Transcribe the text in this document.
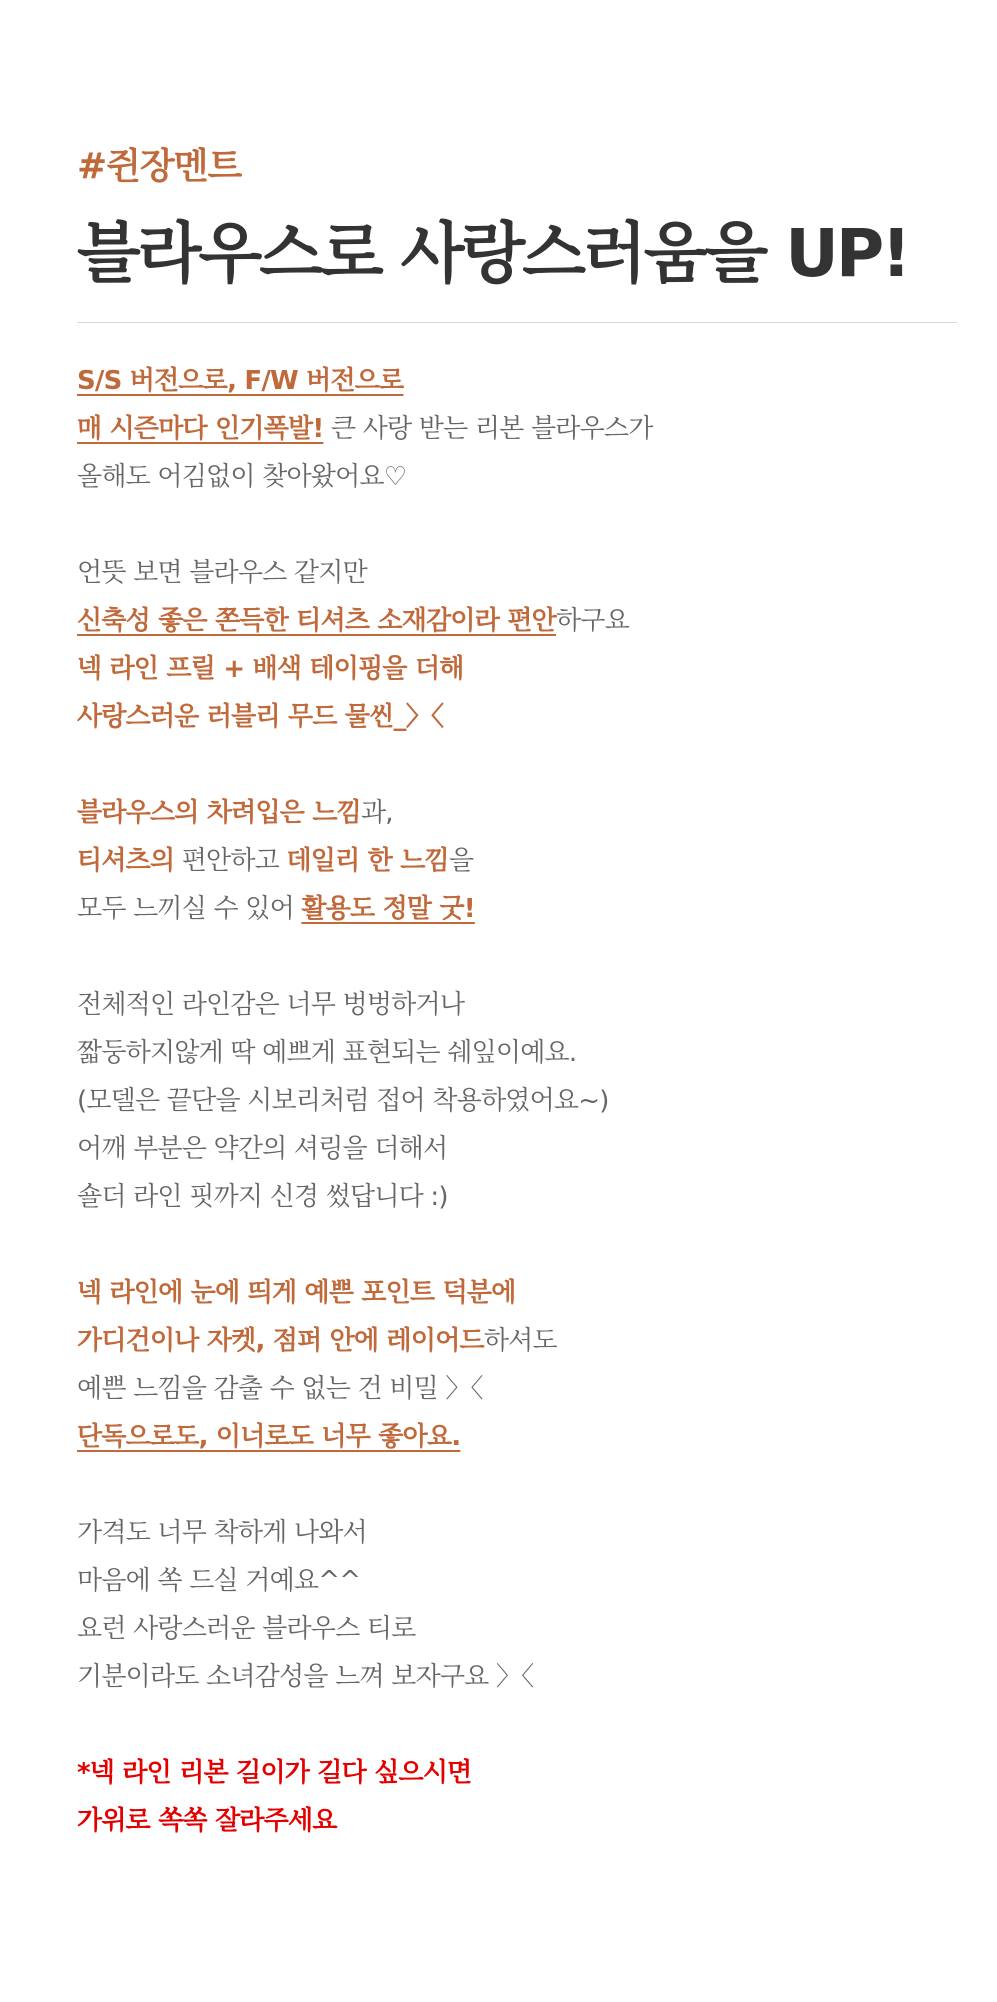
#쥔장멘트
블라우스로 사랑스러움을 UP!
S/S 버전으로, F/W 버전으로
매 시즌마다 인기폭발! 큰 사랑 받는 리본 블라우스가
올해도 어김없이 찾아왔어요♡
언뜻 보면 블라우스 같지만
신축성 좋은 쫀득한 티셔츠 소재감이라 편안하구요
넥 라인 프릴 + 배색 테이핑을 더해
사랑스러운 러블리 무드 물씬_〉〈
블라우스의 차려입은 느낌과,
티셔츠의 편안하고 데일리 한 느낌을
모두 느끼실 수 있어 활용도 정말 굿!
전체적인 라인감은 너무 벙벙하거나
짧둥하지않게 딱 예쁘게 표현되는 쉐잎이예요.
(모델은 끝단을 시보리처럼 접어 착용하였어요~)
어깨 부분은 약간의 셔링을 더해서
숄더 라인 핏까지 신경 썼답니다 :)
넥 라인에 눈에 띄게 예쁜 포인트 덕분에
가디건이나 자켓, 점퍼 안에 레이어드하셔도
예쁜 느낌을 감출 수 없는 건 비밀 〉〈
단독으로도, 이너로도 너무 좋아요.
가격도 너무 착하게 나와서
마음에 쏙 드실 거예요^^
요런 사랑스러운 블라우스 티로
기분이라도 소녀감성을 느껴 보자구요 〉〈
*넥 라인 리본 길이가 길다 싶으시면
가위로 쏙쏙 잘라주세요
